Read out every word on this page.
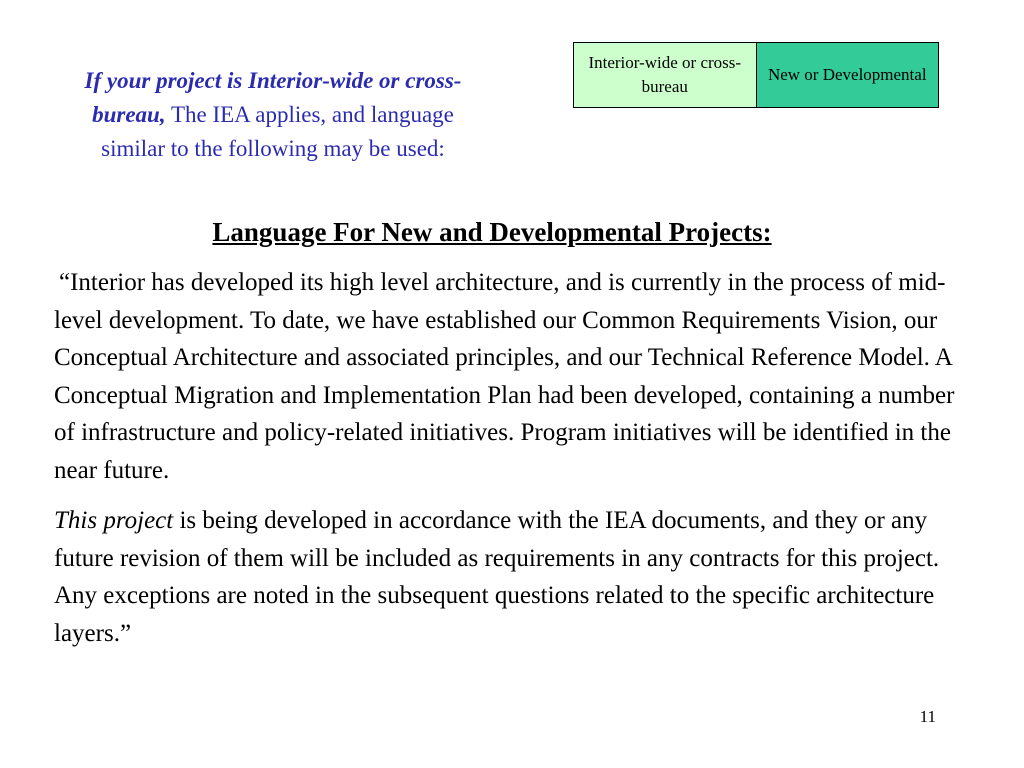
If your project is Interior-wide or cross-bureau, The IEA applies, and language similar to the following may be used:
Interior-wide or cross-bureau
New or Developmental
Language For New and Developmental Projects:

“Interior has developed its high level architecture, and is currently in the process of mid-level development. To date, we have established our Common Requirements Vision, our Conceptual Architecture and associated principles, and our Technical Reference Model. A Conceptual Migration and Implementation Plan had been developed, containing a number of infrastructure and policy-related initiatives. Program initiatives will be identified in the near future.

This project is being developed in accordance with the IEA documents, and they or any future revision of them will be included as requirements in any contracts for this project. Any exceptions are noted in the subsequent questions related to the specific architecture layers.”

11
